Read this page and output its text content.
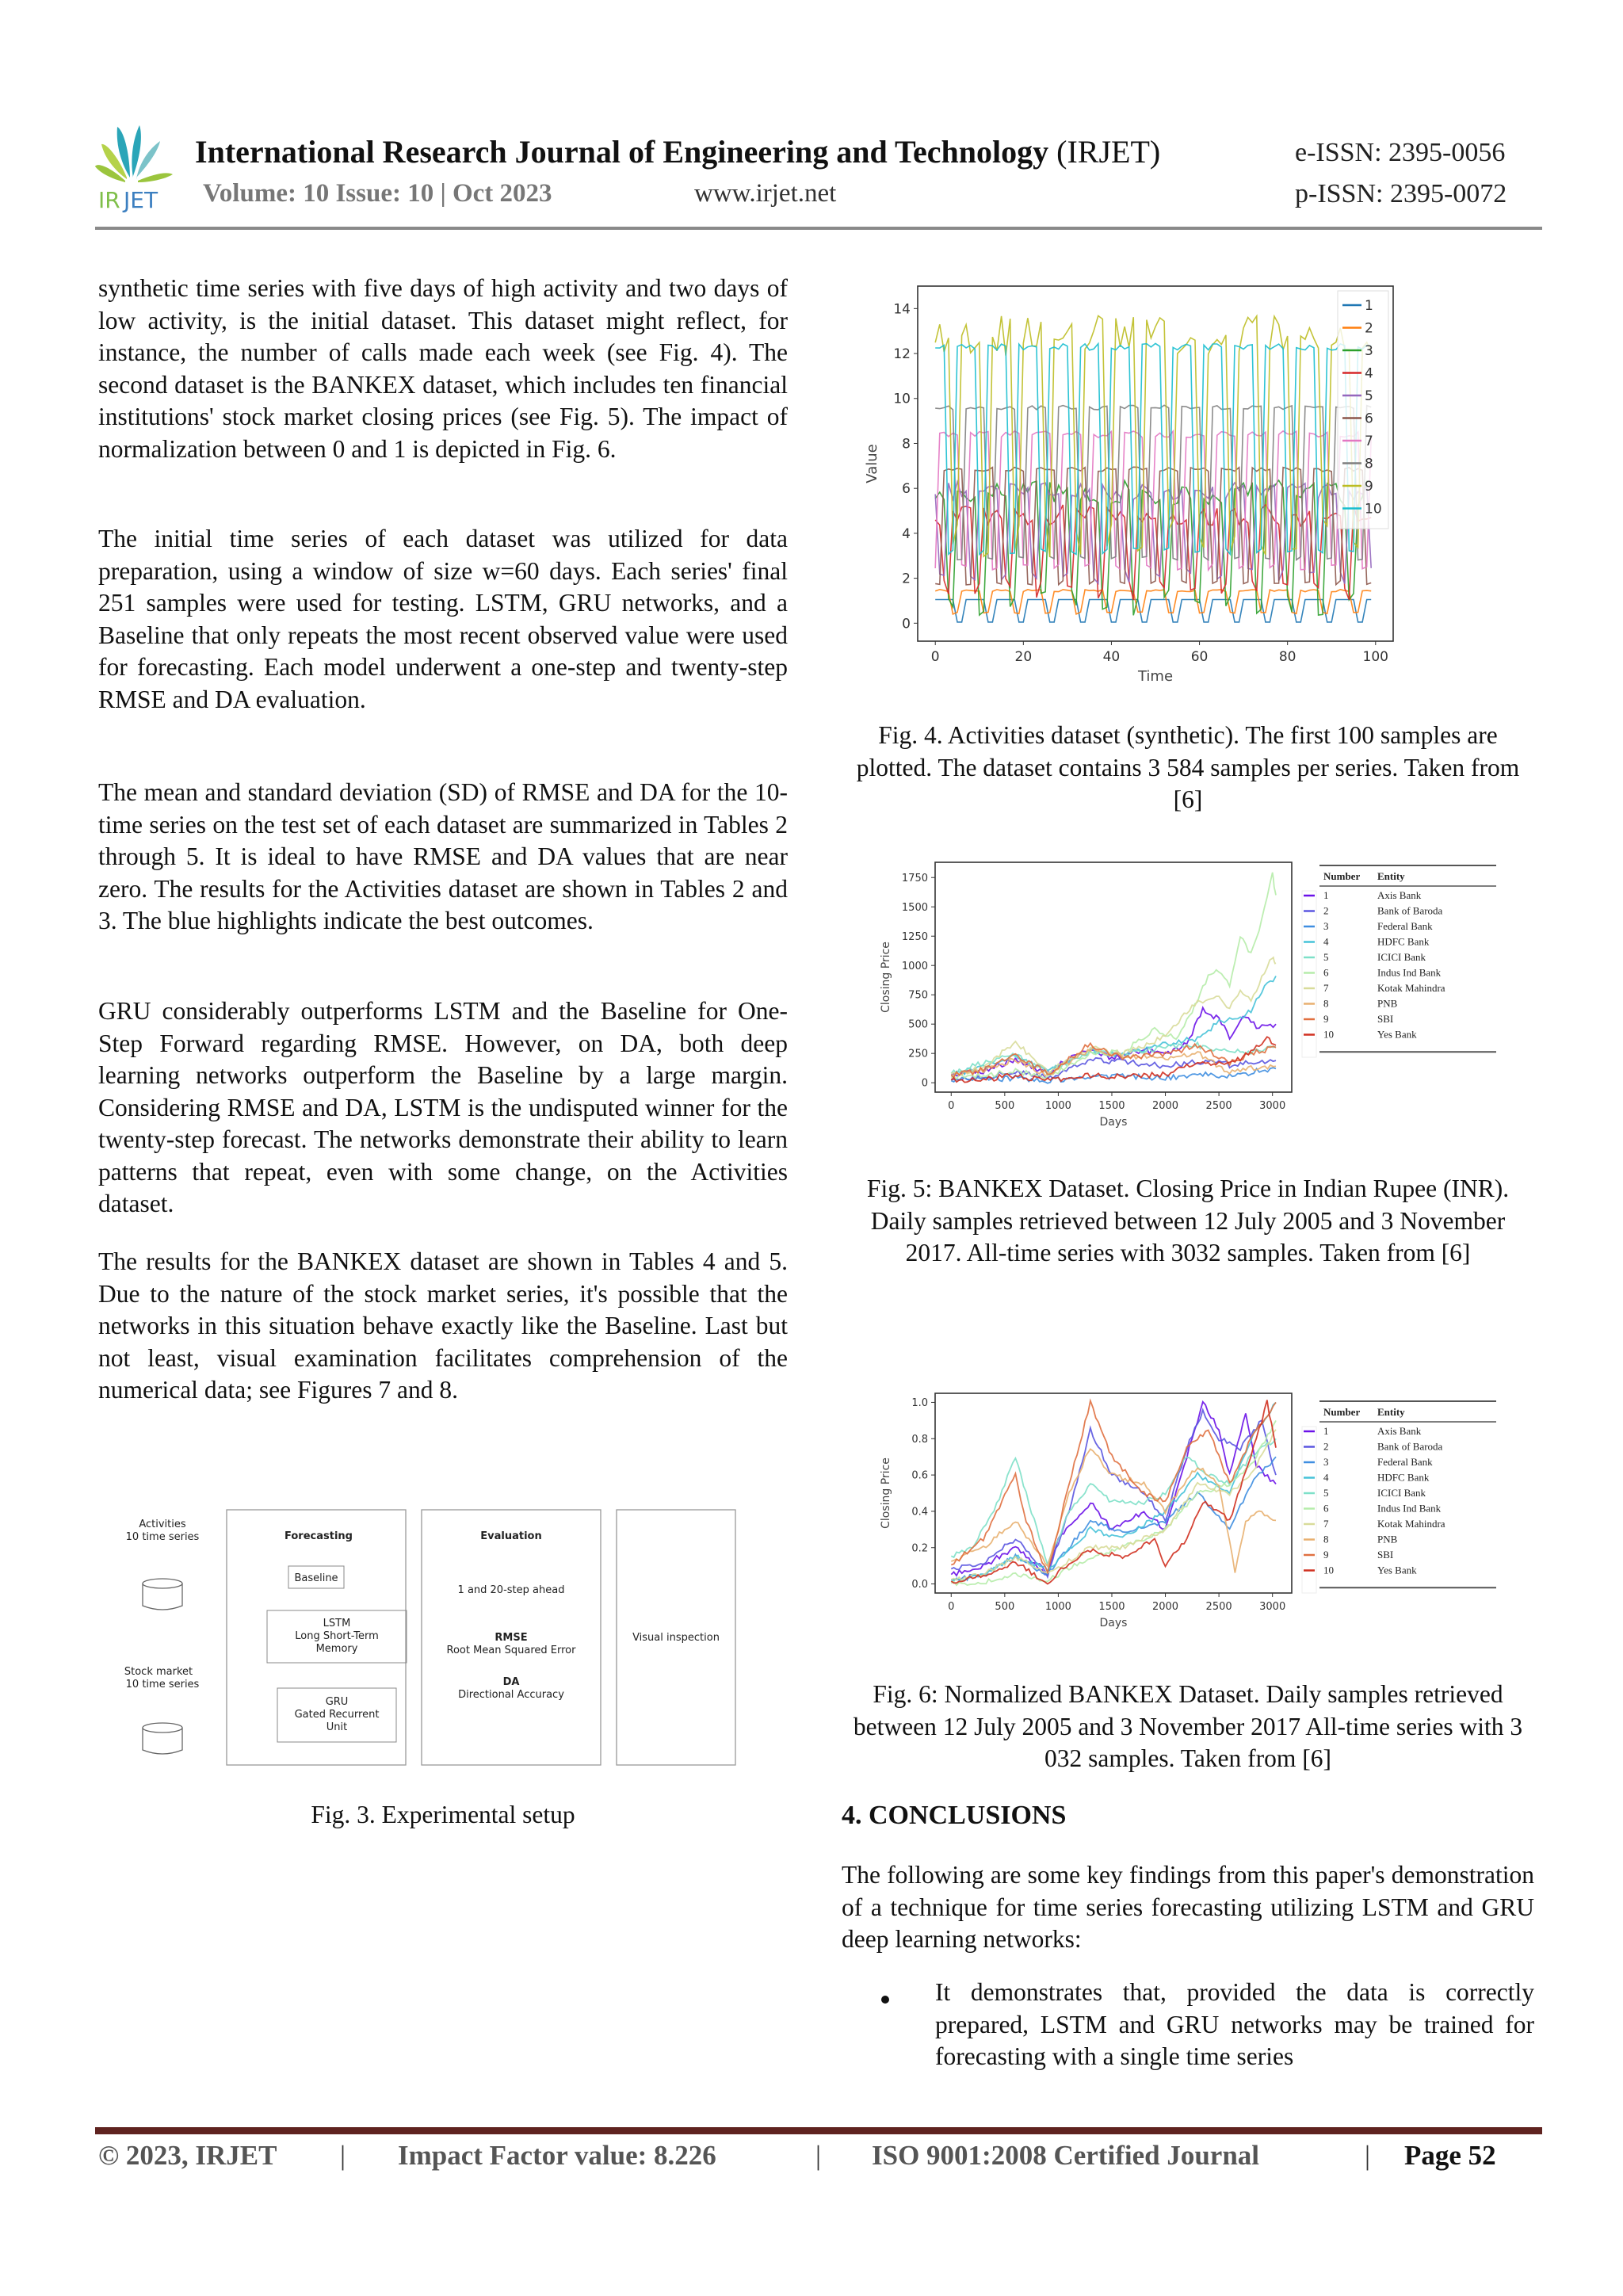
IR JET
International Research Journal of Engineering and Technology (IRJET)	e-ISSN: 2395-0056
Volume: 10 Issue: 10 | Oct 2023	www.irjet.net	p-ISSN: 2395-0072
synthetic time series with five days of high activity and two days of low activity, is the initial dataset. This dataset might reflect, for instance, the number of calls made each week (see Fig. 4). The second dataset is the BANKEX dataset, which includes ten financial institutions' stock market closing prices (see Fig. 5). The impact of normalization between 0 and 1 is depicted in Fig. 6.
The initial time series of each dataset was utilized for data preparation, using a window of size w=60 days. Each series' final 251 samples were used for testing. LSTM, GRU networks, and a Baseline that only repeats the most recent observed value were used for forecasting. Each model underwent a one-step and twenty-step RMSE and DA evaluation.
The mean and standard deviation (SD) of RMSE and DA for the 10-time series on the test set of each dataset are summarized in Tables 2 through 5. It is ideal to have RMSE and DA values that are near zero. The results for the Activities dataset are shown in Tables 2 and 3. The blue highlights indicate the best outcomes.
GRU considerably outperforms LSTM and the Baseline for One-Step Forward regarding RMSE. However, on DA, both deep learning networks outperform the Baseline by a large margin. Considering RMSE and DA, LSTM is the undisputed winner for the twenty-step forecast. The networks demonstrate their ability to learn patterns that repeat, even with some change, on the Activities dataset.
The results for the BANKEX dataset are shown in Tables 4 and 5. Due to the nature of the stock market series, it's possible that the networks in this situation behave exactly like the Baseline. Last but not least, visual examination facilitates comprehension of the numerical data; see Figures 7 and 8.
Activities
10 time series
Stock market
10 time series
Forecasting
Baseline
LSTM
Long Short-Term
Memory
GRU
Gated Recurrent
Unit
Evaluation
1 and 20-step ahead
RMSE
Root Mean Squared Error
DA
Directional Accuracy
Visual inspection
Fig. 3. Experimental setup
0	20	40	60	80	100
0
2
4
6
8
10
12
14
Time
Value
1
2
3
4
5
6
7
8
9
10
Fig. 4. Activities dataset (synthetic). The first 100 samples are plotted. The dataset contains 3 584 samples per series. Taken from [6]
0	500	1000	1500	2000	2500	3000
0
250
500
750
1000
1250
1500
1750
Days
Closing Price
Number Entity
1	Axis Bank
2	Bank of Baroda
3	Federal Bank
4	HDFC Bank
5	ICICI Bank
6	Indus Ind Bank
7	Kotak Mahindra
8	PNB
9	SBI
10	Yes Bank
Fig. 5: BANKEX Dataset. Closing Price in Indian Rupee (INR). Daily samples retrieved between 12 July 2005 and 3 November 2017. All-time series with 3032 samples. Taken from [6]
0	500	1000	1500	2000	2500	3000
0.0
0.2
0.4
0.6
0.8
1.0
Days
Closing Price
Number Entity
1	Axis Bank
2	Bank of Baroda
3	Federal Bank
4	HDFC Bank
5	ICICI Bank
6	Indus Ind Bank
7	Kotak Mahindra
8	PNB
9	SBI
10	Yes Bank
Fig. 6: Normalized BANKEX Dataset. Daily samples retrieved between 12 July 2005 and 3 November 2017 All-time series with 3 032 samples. Taken from [6]
4. CONCLUSIONS
The following are some key findings from this paper's demonstration of a technique for time series forecasting utilizing LSTM and GRU deep learning networks:
It demonstrates that, provided the data is correctly prepared, LSTM and GRU networks may be trained for forecasting with a single time series
© 2023, IRJET | Impact Factor value: 8.226	| ISO 9001:2008 Certified Journal	| Page 52
